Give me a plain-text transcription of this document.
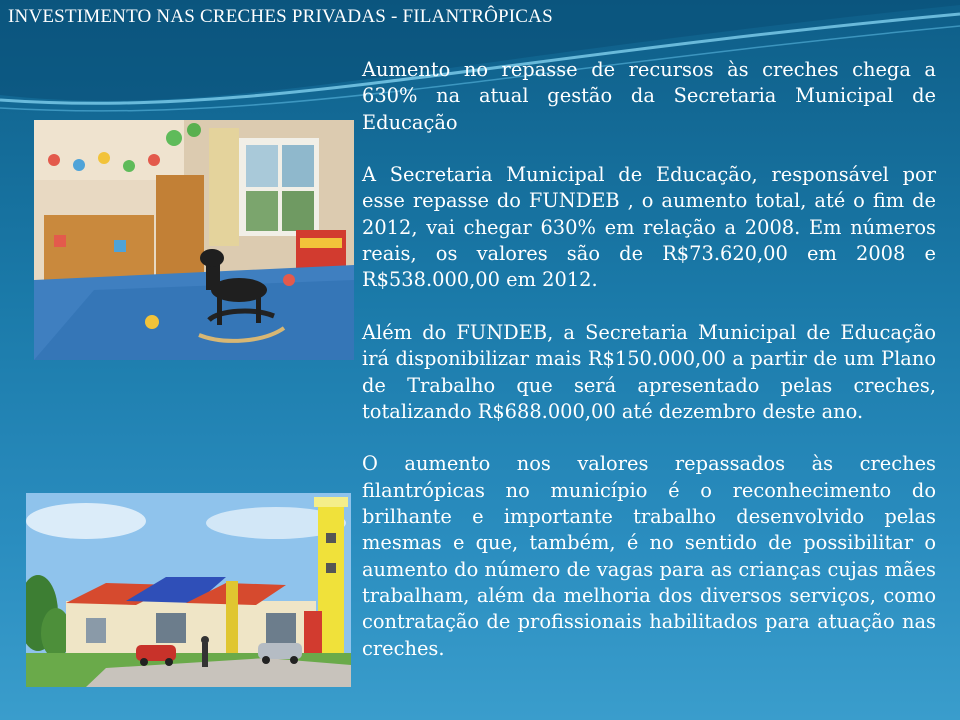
INVESTIMENTO NAS CRECHES PRIVADAS - FILANTRÔPICAS

Aumento no repasse de recursos às creches chega a 630% na atual gestão da Secretaria Municipal de Educação

A Secretaria Municipal de Educação, responsável por esse repasse do FUNDEB , o aumento total, até o fim de 2012, vai chegar 630% em relação a 2008. Em números reais, os valores são de R$73.620,00 em 2008 e R$538.000,00 em 2012.

Além do FUNDEB, a Secretaria Municipal de Educação irá disponibilizar mais R$150.000,00 a partir de um Plano de Trabalho que será apresentado pelas creches, totalizando R$688.000,00 até dezembro deste ano.

O aumento nos valores repassados às creches filantrópicas no município é o reconhecimento do brilhante e importante trabalho desenvolvido pelas mesmas e que, também, é no sentido de possibilitar o aumento do número de vagas para as crianças cujas mães trabalham, além da melhoria dos diversos serviços, como contratação de profissionais habilitados para atuação nas creches.
